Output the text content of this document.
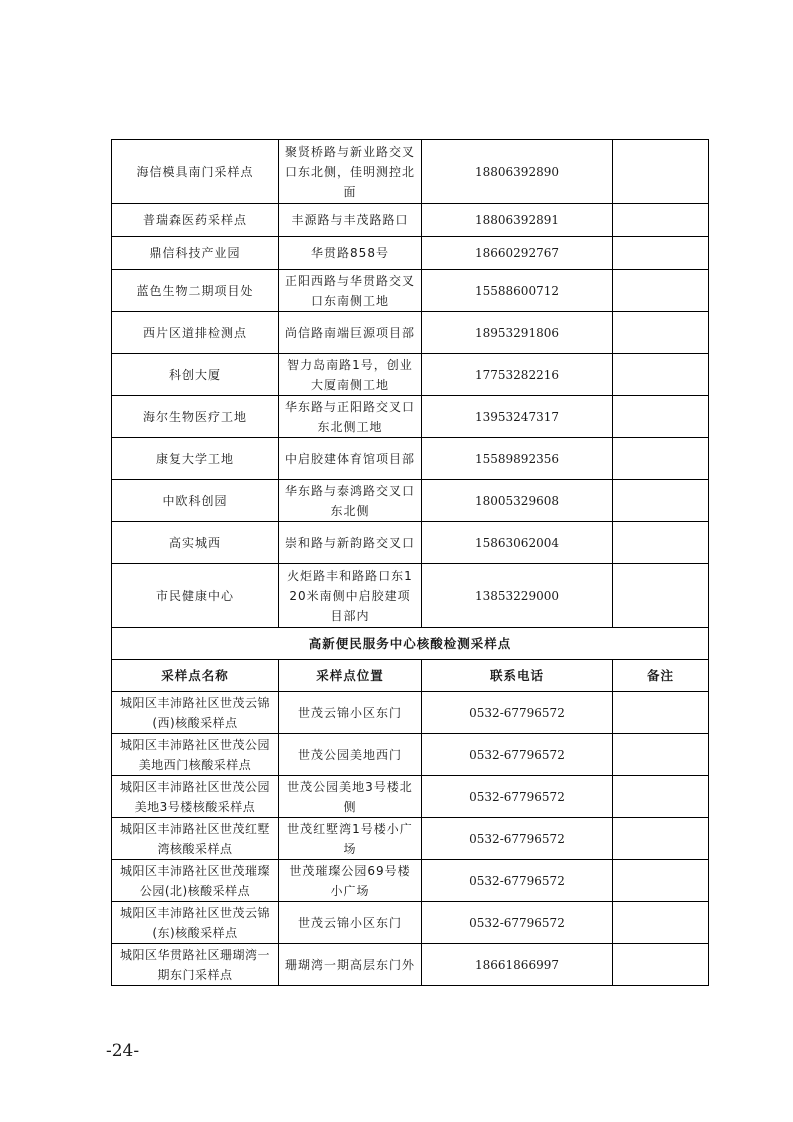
海信模具南门采样点	聚贤桥路与新业路交叉口东北侧，佳明测控北面	18806392890	
普瑞森医药采样点	丰源路与丰茂路路口	18806392891	
鼎信科技产业园	华贯路858号	18660292767	
蓝色生物二期项目处	正阳西路与华贯路交叉口东南侧工地	15588600712	
西片区道排检测点	尚信路南端巨源项目部	18953291806	
科创大厦	智力岛南路1号，创业大厦南侧工地	17753282216	
海尔生物医疗工地	华东路与正阳路交叉口东北侧工地	13953247317	
康复大学工地	中启胶建体育馆项目部	15589892356	
中欧科创园	华东路与泰鸿路交叉口东北侧	18005329608	
高实城西	崇和路与新韵路交叉口	15863062004	
市民健康中心	火炬路丰和路路口东120米南侧中启胶建项目部内	13853229000	
高新便民服务中心核酸检测采样点			
采样点名称	采样点位置	联系电话	备注
城阳区丰沛路社区世茂云锦(西)核酸采样点	世茂云锦小区东门	0532-67796572	
城阳区丰沛路社区世茂公园美地西门核酸采样点	世茂公园美地西门	0532-67796572	
城阳区丰沛路社区世茂公园美地3号楼核酸采样点	世茂公园美地3号楼北侧	0532-67796572	
城阳区丰沛路社区世茂红墅湾核酸采样点	世茂红墅湾1号楼小广场	0532-67796572	
城阳区丰沛路社区世茂璀璨公园(北)核酸采样点	世茂璀璨公园69号楼小广场	0532-67796572	
城阳区丰沛路社区世茂云锦(东)核酸采样点	世茂云锦小区东门	0532-67796572	
城阳区华贯路社区珊瑚湾一期东门采样点	珊瑚湾一期高层东门外	18661866997	
-24-
